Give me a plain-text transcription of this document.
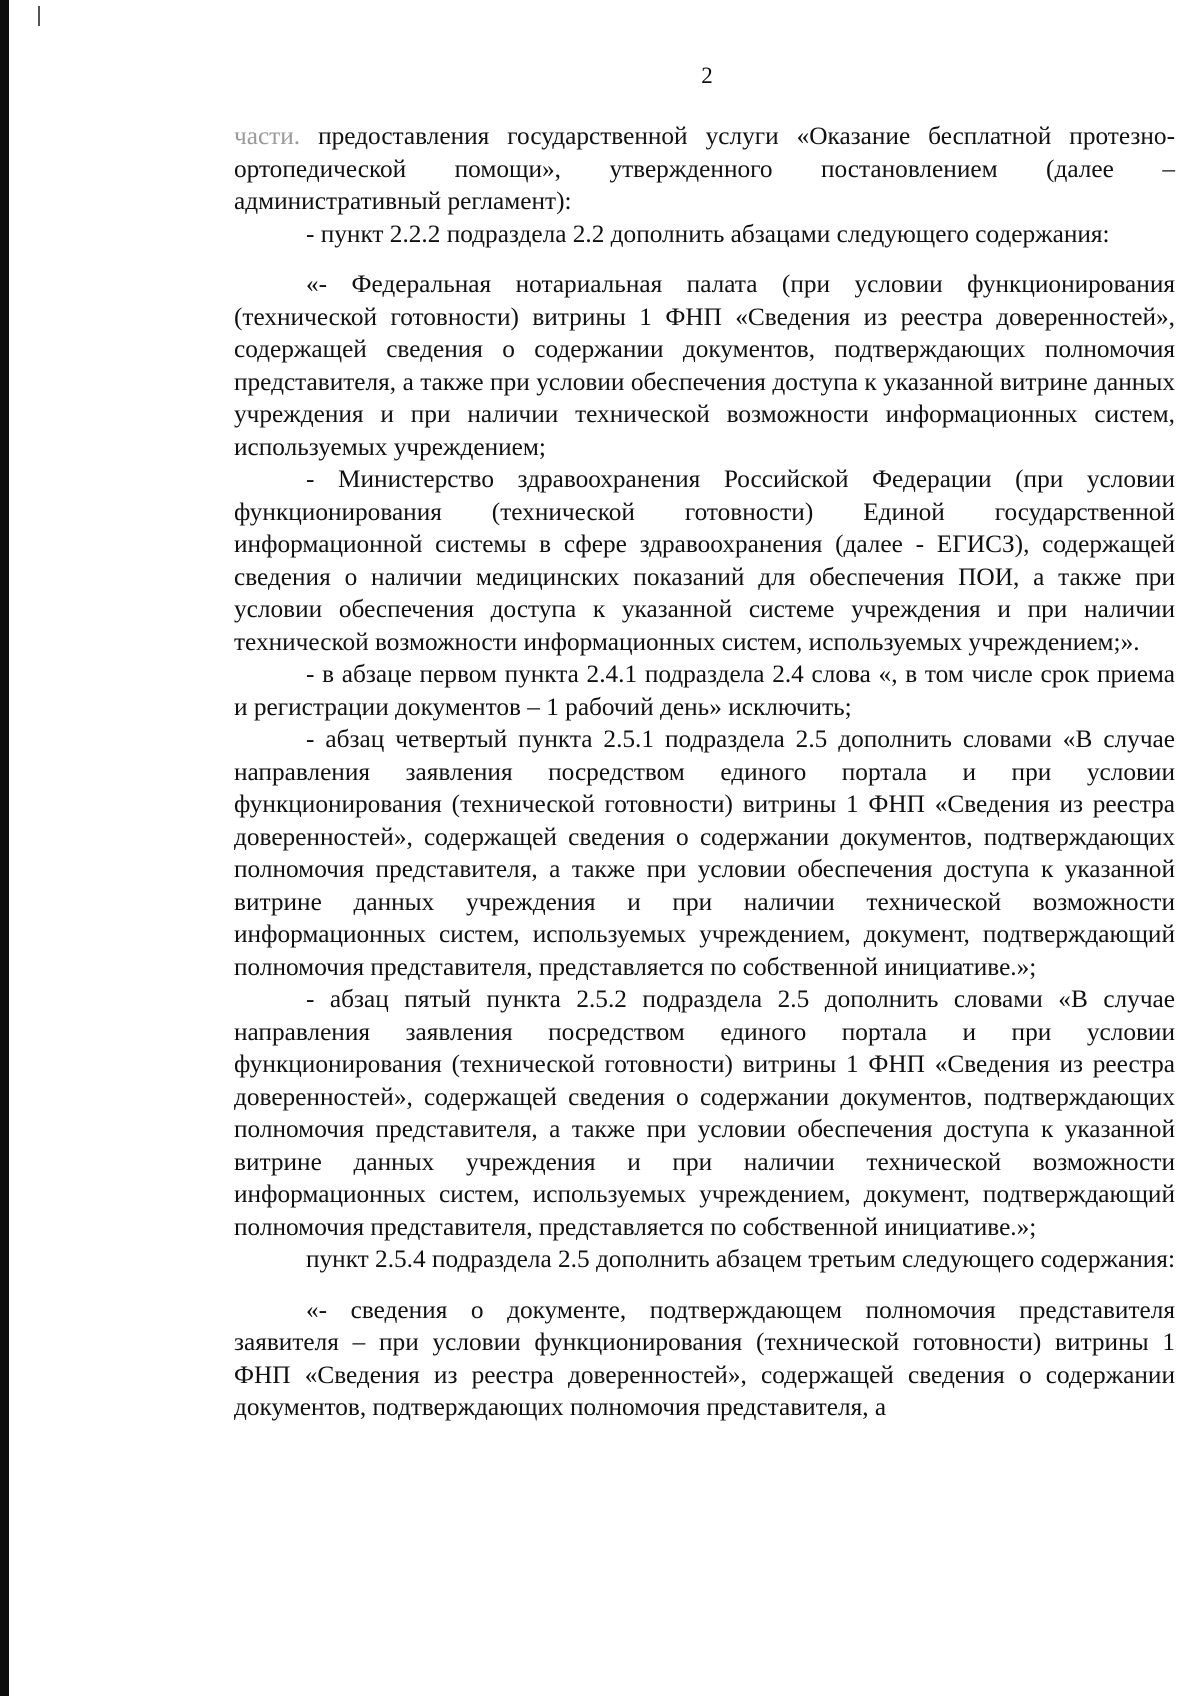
2

части. предоставления государственной услуги «Оказание бесплатной протезно-ортопедической помощи», утвержденного постановлением (далее – административный регламент):

- пункт 2.2.2 подраздела 2.2 дополнить абзацами следующего содержания:

«- Федеральная нотариальная палата (при условии функционирования (технической готовности) витрины 1 ФНП «Сведения из реестра доверенностей», содержащей сведения о содержании документов, подтверждающих полномочия представителя, а также при условии обеспечения доступа к указанной витрине данных учреждения и при наличии технической возможности информационных систем, используемых учреждением;

- Министерство здравоохранения Российской Федерации (при условии функционирования (технической готовности) Единой государственной информационной системы в сфере здравоохранения (далее - ЕГИСЗ), содержащей сведения о наличии медицинских показаний для обеспечения ПОИ, а также при условии обеспечения доступа к указанной системе учреждения и при наличии технической возможности информационных систем, используемых учреждением;».

- в абзаце первом пункта 2.4.1 подраздела 2.4 слова «, в том числе срок приема и регистрации документов – 1 рабочий день» исключить;

- абзац четвертый пункта 2.5.1 подраздела 2.5 дополнить словами «В случае направления заявления посредством единого портала и при условии функционирования (технической готовности) витрины 1 ФНП «Сведения из реестра доверенностей», содержащей сведения о содержании документов, подтверждающих полномочия представителя, а также при условии обеспечения доступа к указанной витрине данных учреждения и при наличии технической возможности информационных систем, используемых учреждением, документ, подтверждающий полномочия представителя, представляется по собственной инициативе.»;

- абзац пятый пункта 2.5.2 подраздела 2.5 дополнить словами «В случае направления заявления посредством единого портала и при условии функционирования (технической готовности) витрины 1 ФНП «Сведения из реестра доверенностей», содержащей сведения о содержании документов, подтверждающих полномочия представителя, а также при условии обеспечения доступа к указанной витрине данных учреждения и при наличии технической возможности информационных систем, используемых учреждением, документ, подтверждающий полномочия представителя, представляется по собственной инициативе.»;

пункт 2.5.4 подраздела 2.5 дополнить абзацем третьим следующего содержания:

«- сведения о документе, подтверждающем полномочия представителя заявителя – при условии функционирования (технической готовности) витрины 1 ФНП «Сведения из реестра доверенностей», содержащей сведения о содержании документов, подтверждающих полномочия представителя, а
